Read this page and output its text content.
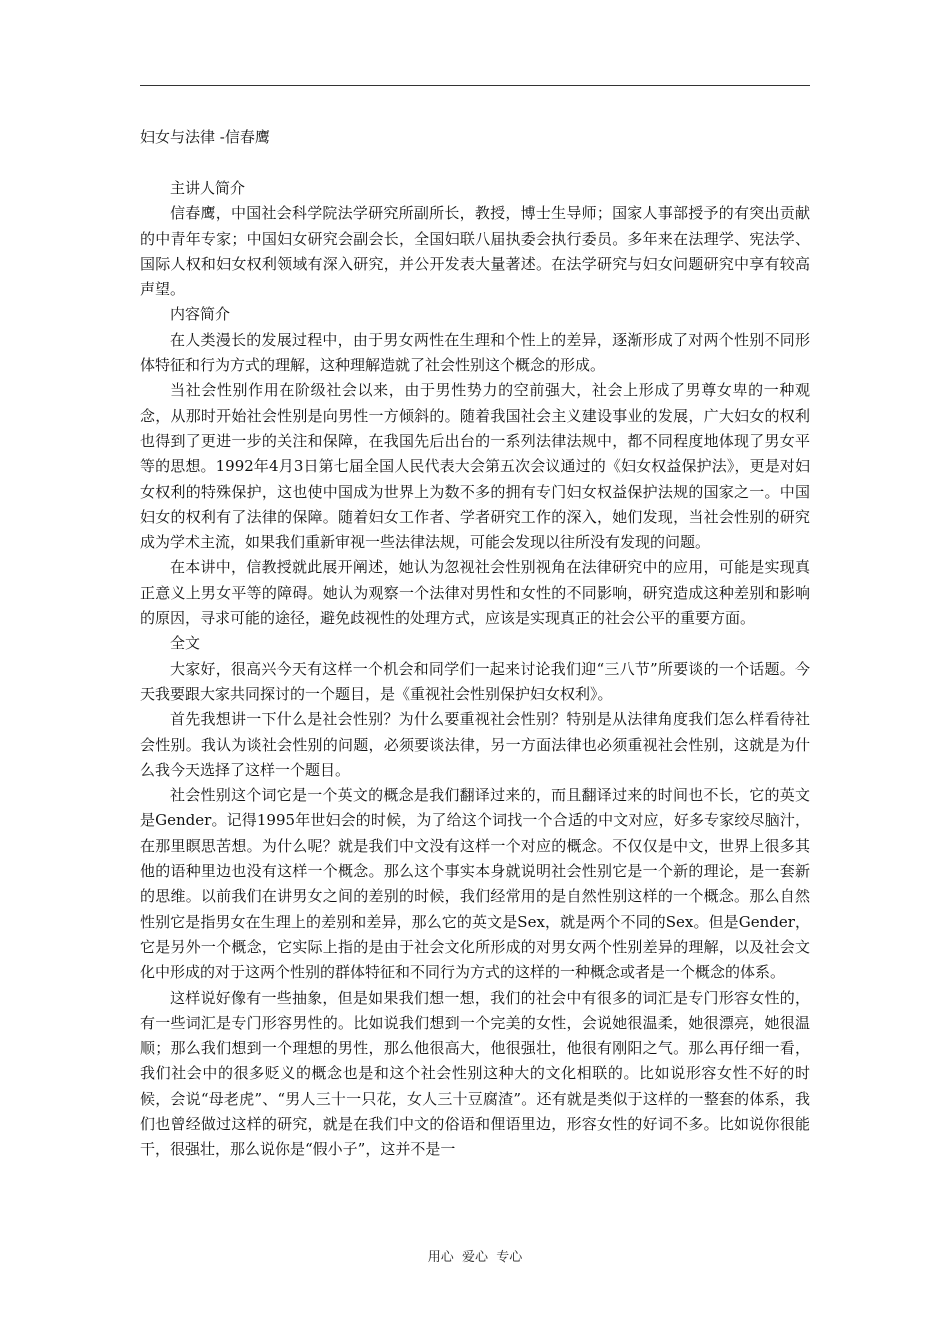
妇女与法律 -信春鹰

主讲人简介

信春鹰，中国社会科学院法学研究所副所长，教授，博士生导师；国家人事部授予的有突出贡献的中青年专家；中国妇女研究会副会长，全国妇联八届执委会执行委员。多年来在法理学、宪法学、国际人权和妇女权利领域有深入研究，并公开发表大量著述。在法学研究与妇女问题研究中享有较高声望。

内容简介

在人类漫长的发展过程中，由于男女两性在生理和个性上的差异，逐渐形成了对两个性别不同形体特征和行为方式的理解，这种理解造就了社会性别这个概念的形成。

当社会性别作用在阶级社会以来，由于男性势力的空前强大，社会上形成了男尊女卑的一种观念，从那时开始社会性别是向男性一方倾斜的。随着我国社会主义建设事业的发展，广大妇女的权利也得到了更进一步的关注和保障，在我国先后出台的一系列法律法规中，都不同程度地体现了男女平等的思想。1992年4月3日第七届全国人民代表大会第五次会议通过的《妇女权益保护法》，更是对妇女权利的特殊保护，这也使中国成为世界上为数不多的拥有专门妇女权益保护法规的国家之一。中国妇女的权利有了法律的保障。随着妇女工作者、学者研究工作的深入，她们发现，当社会性别的研究成为学术主流，如果我们重新审视一些法律法规，可能会发现以往所没有发现的问题。

在本讲中，信教授就此展开阐述，她认为忽视社会性别视角在法律研究中的应用，可能是实现真正意义上男女平等的障碍。她认为观察一个法律对男性和女性的不同影响，研究造成这种差别和影响的原因，寻求可能的途径，避免歧视性的处理方式，应该是实现真正的社会公平的重要方面。

全文

大家好，很高兴今天有这样一个机会和同学们一起来讨论我们迎“三八节”所要谈的一个话题。今天我要跟大家共同探讨的一个题目，是《重视社会性别保护妇女权利》。

首先我想讲一下什么是社会性别？为什么要重视社会性别？特别是从法律角度我们怎么样看待社会性别。我认为谈社会性别的问题，必须要谈法律，另一方面法律也必须重视社会性别，这就是为什么我今天选择了这样一个题目。

社会性别这个词它是一个英文的概念是我们翻译过来的，而且翻译过来的时间也不长，它的英文是Gender。记得1995年世妇会的时候，为了给这个词找一个合适的中文对应，好多专家绞尽脑汁，在那里瞑思苦想。为什么呢？就是我们中文没有这样一个对应的概念。不仅仅是中文，世界上很多其他的语种里边也没有这样一个概念。那么这个事实本身就说明社会性别它是一个新的理论，是一套新的思维。以前我们在讲男女之间的差别的时候，我们经常用的是自然性别这样的一个概念。那么自然性别它是指男女在生理上的差别和差异，那么它的英文是Sex，就是两个不同的Sex。但是Gender，它是另外一个概念，它实际上指的是由于社会文化所形成的对男女两个性别差异的理解，以及社会文化中形成的对于这两个性别的群体特征和不同行为方式的这样的一种概念或者是一个概念的体系。

这样说好像有一些抽象，但是如果我们想一想，我们的社会中有很多的词汇是专门形容女性的，有一些词汇是专门形容男性的。比如说我们想到一个完美的女性，会说她很温柔，她很漂亮，她很温顺；那么我们想到一个理想的男性，那么他很高大，他很强壮，他很有刚阳之气。那么再仔细一看，我们社会中的很多贬义的概念也是和这个社会性别这种大的文化相联的。比如说形容女性不好的时候，会说“母老虎”、“男人三十一只花，女人三十豆腐渣”。还有就是类似于这样的一整套的体系，我们也曾经做过这样的研究，就是在我们中文的俗语和俚语里边，形容女性的好词不多。比如说你很能干，很强壮，那么说你是“假小子”，这并不是一

用心  爱心  专心
